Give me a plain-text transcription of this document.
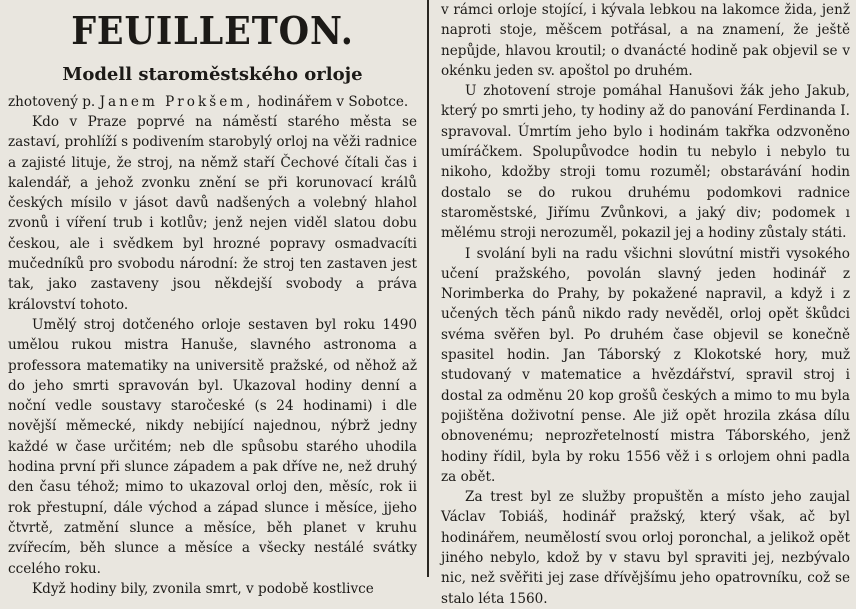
FEUILLETON.
Modell staroměstského orloje

zhotovený p. Janem Prokšem, hodinářem v Sobotce.

Kdo v Praze poprvé na náměstí starého města se zastaví, prohlíží s podivením starobylý orloj na věži radnice a zajisté lituje, že stroj, na němž staří Čechové čítali čas i kalendář, a jehož zvonku znění se při korunovací králů českých mísilo v jásot davů nadšených a volebný hlahol zvonů i víření trub i kotlův; jenž nejen viděl slatou dobu českou, ale i svědkem byl hrozné popravy osmadvacíti mučedníků pro svobodu národní: že stroj ten zastaven jest tak, jako zastaveny jsou někdejší svobody a práva království tohoto.

Umělý stroj dotčeného orloje sestaven byl roku 1490 umělou rukou mistra Hanuše, slavného astronoma a professora matematiky na universitě pražské, od něhož až do jeho smrti spravován byl. Ukazoval hodiny denní a noční vedle soustavy staročeské (s 24 hodinami) i dle novější měmecké, nikdy nebijící najednou, nýbrž jedny každé w čase určitém; neb dle spůsobu starého uhodila hodina první při slunce západem a pak dříve ne, než druhý den času téhož; mimo to ukazoval orloj den, měsíc, rok ii rok přestupní, dále východ a západ slunce i měsíce, jjeho čtvrtě, zatmění slunce a měsíce, běh planet v kruhu zvířecím, běh slunce a měsíce a všecky nestálé svátky ccelého roku.

Když hodiny bily, zvonila smrt, v podobě kostlivce

v rámci orloje stojící, i kývala lebkou na lakomce žida, jenž naproti stoje, měšcem potřásal, a na znamení, že ještě nepůjde, hlavou kroutil; o dvanácté hodině pak objevil se v okénku jeden sv. apoštol po druhém.

U zhotovení stroje pomáhal Hanušovi žák jeho Jakub, který po smrti jeho, ty hodiny až do panování Ferdinanda I. spravoval. Úmrtím jeho bylo i hodinám takřka odzvoněno umíráčkem. Spolupůvodce hodin tu nebylo i nebylo tu nikoho, kdožby stroji tomu rozuměl; obstarávání hodin dostalo se do rukou druhému podomkovi radnice staroměstské, Jiřímu Zvůnkovi, a jaký div; podomek ı mělému stroji nerozuměl, pokazil jej a hodiny zůstaly státi.

I svolání byli na radu všichni slovútní mistři vysokého učení pražského, povolán slavný jeden hodinář z Norimberka do Prahy, by pokažené napravil, a když i z učených těch pánů nikdo rady nevěděl, orloj opět škůdci svéma svěřen byl. Po druhém čase objevil se konečně spasitel hodin. Jan Táborský z Klokotské hory, muž studovaný v matematice a hvězdářství, spravil stroj i dostal za odměnu 20 kop grošů českých a mimo to mu byla pojištěna doživotní pense. Ale již opět hrozila zkása dílu obnovenému; neprozřetelností mistra Táborského, jenž hodiny řídil, byla by roku 1556 věž i s orlojem ohni padla za obět.

Za trest byl ze služby propuštěn a místo jeho zaujal Václav Tobiáš, hodinář pražský, který však, ač byl hodinářem, neumělostí svou orloj poronchal, a jelikož opět jiného nebylo, kdož by v stavu byl spraviti jej, nezbývalo nic, než svěřiti jej zase dřívějšímu jeho opatrovníku, což se stalo léta 1560.
